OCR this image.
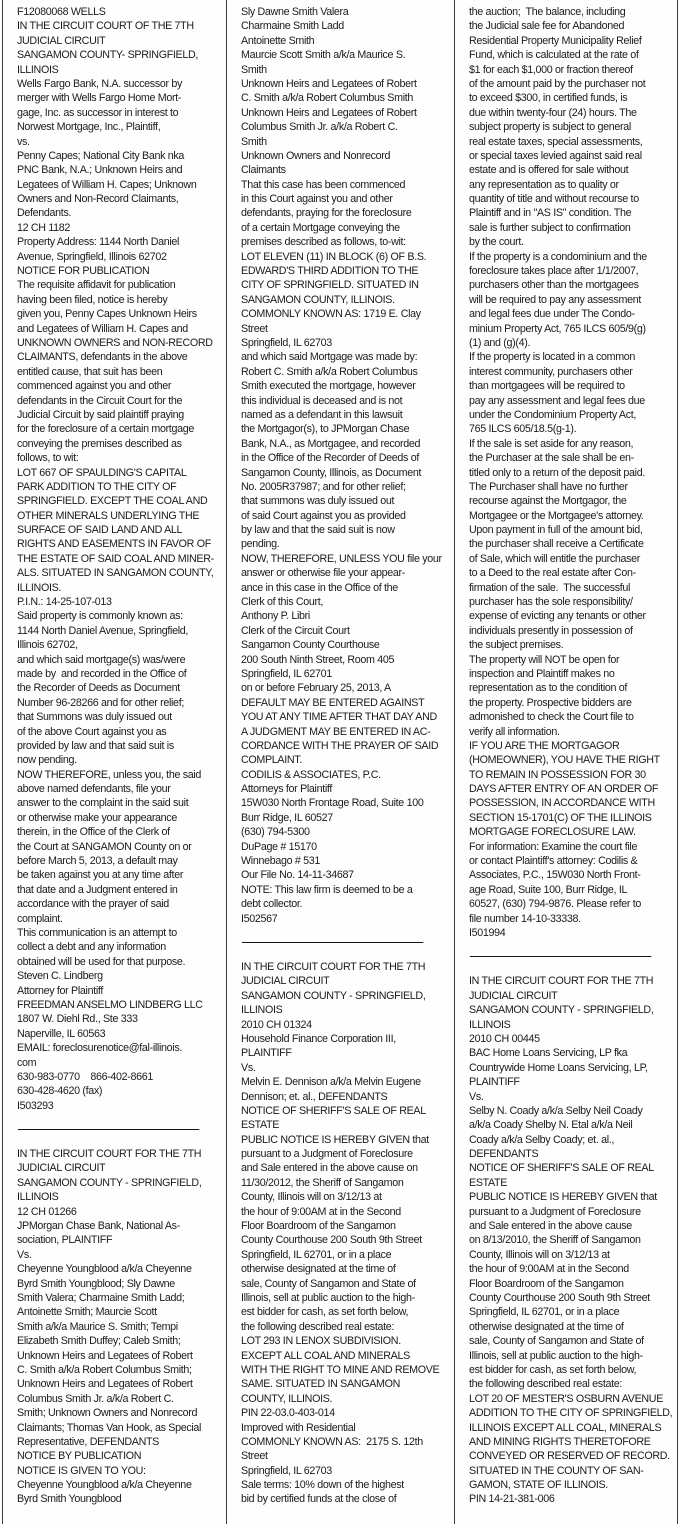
F12080068 WELLS
IN THE CIRCUIT COURT OF THE 7TH
JUDICIAL CIRCUIT
SANGAMON COUNTY- SPRINGFIELD,
ILLINOIS
Wells Fargo Bank, N.A. successor by
merger with Wells Fargo Home Mort-
gage, Inc. as successor in interest to
Norwest Mortgage, Inc., Plaintiff,
vs.
Penny Capes; National City Bank nka
PNC Bank, N.A.; Unknown Heirs and
Legatees of William H. Capes; Unknown
Owners and Non-Record Claimants,
Defendants.
12 CH 1182
Property Address: 1144 North Daniel
Avenue, Springfield, Illinois 62702
NOTICE FOR PUBLICATION
The requisite affidavit for publication
having been filed, notice is hereby
given you, Penny Capes Unknown Heirs
and Legatees of William H. Capes and
UNKNOWN OWNERS and NON-RECORD
CLAIMANTS, defendants in the above
entitled cause, that suit has been
commenced against you and other
defendants in the Circuit Court for the
Judicial Circuit by said plaintiff praying
for the foreclosure of a certain mortgage
conveying the premises described as
follows, to wit:
LOT 667 OF SPAULDING'S CAPITAL
PARK ADDITION TO THE CITY OF
SPRINGFIELD. EXCEPT THE COAL AND
OTHER MINERALS UNDERLYING THE
SURFACE OF SAID LAND AND ALL
RIGHTS AND EASEMENTS IN FAVOR OF
THE ESTATE OF SAID COAL AND MINER-
ALS. SITUATED IN SANGAMON COUNTY,
ILLINOIS.
P.I.N.: 14-25-107-013
Said property is commonly known as:
1144 North Daniel Avenue, Springfield,
Illinois 62702,
and which said mortgage(s) was/were
made by  and recorded in the Office of
the Recorder of Deeds as Document
Number 96-28266 and for other relief;
that Summons was duly issued out
of the above Court against you as
provided by law and that said suit is
now pending.
NOW THEREFORE, unless you, the said
above named defendants, file your
answer to the complaint in the said suit
or otherwise make your appearance
therein, in the Office of the Clerk of
the Court at SANGAMON County on or
before March 5, 2013, a default may
be taken against you at any time after
that date and a Judgment entered in
accordance with the prayer of said
complaint.
This communication is an attempt to
collect a debt and any information
obtained will be used for that purpose.
Steven C. Lindberg
Attorney for Plaintiff
FREEDMAN ANSELMO LINDBERG LLC
1807 W. Diehl Rd., Ste 333
Naperville, IL 60563
EMAIL: foreclosurenotice@fal-illinois.
com
630-983-0770    866-402-8661
630-428-4620 (fax)
I503293
IN THE CIRCUIT COURT FOR THE 7TH
JUDICIAL CIRCUIT
SANGAMON COUNTY - SPRINGFIELD,
ILLINOIS
12 CH 01266
JPMorgan Chase Bank, National As-
sociation, PLAINTIFF
Vs.
Cheyenne Youngblood a/k/a Cheyenne
Byrd Smith Youngblood; Sly Dawne
Smith Valera; Charmaine Smith Ladd;
Antoinette Smith; Maurcie Scott
Smith a/k/a Maurice S. Smith; Tempi
Elizabeth Smith Duffey; Caleb Smith;
Unknown Heirs and Legatees of Robert
C. Smith a/k/a Robert Columbus Smith;
Unknown Heirs and Legatees of Robert
Columbus Smith Jr. a/k/a Robert C.
Smith; Unknown Owners and Nonrecord
Claimants; Thomas Van Hook, as Special
Representative, DEFENDANTS
NOTICE BY PUBLICATION
NOTICE IS GIVEN TO YOU:
Cheyenne Youngblood a/k/a Cheyenne
Byrd Smith Youngblood
Sly Dawne Smith Valera
Charmaine Smith Ladd
Antoinette Smith
Maurcie Scott Smith a/k/a Maurice S.
Smith
Unknown Heirs and Legatees of Robert
C. Smith a/k/a Robert Columbus Smith
Unknown Heirs and Legatees of Robert
Columbus Smith Jr. a/k/a Robert C.
Smith
Unknown Owners and Nonrecord
Claimants
That this case has been commenced
in this Court against you and other
defendants, praying for the foreclosure
of a certain Mortgage conveying the
premises described as follows, to-wit:
LOT ELEVEN (11) IN BLOCK (6) OF B.S.
EDWARD'S THIRD ADDITION TO THE
CITY OF SPRINGFIELD. SITUATED IN
SANGAMON COUNTY, ILLINOIS.
COMMONLY KNOWN AS: 1719 E. Clay
Street
Springfield, IL 62703
and which said Mortgage was made by:
Robert C. Smith a/k/a Robert Columbus
Smith executed the mortgage, however
this individual is deceased and is not
named as a defendant in this lawsuit
the Mortgagor(s), to JPMorgan Chase
Bank, N.A., as Mortgagee, and recorded
in the Office of the Recorder of Deeds of
Sangamon County, Illinois, as Document
No. 2005R37987; and for other relief;
that summons was duly issued out
of said Court against you as provided
by law and that the said suit is now
pending.
NOW, THEREFORE, UNLESS YOU file your
answer or otherwise file your appear-
ance in this case in the Office of the
Clerk of this Court,
Anthony P. Libri
Clerk of the Circuit Court
Sangamon County Courthouse
200 South Ninth Street, Room 405
Springfield, IL 62701
on or before February 25, 2013, A
DEFAULT MAY BE ENTERED AGAINST
YOU AT ANY TIME AFTER THAT DAY AND
A JUDGMENT MAY BE ENTERED IN AC-
CORDANCE WITH THE PRAYER OF SAID
COMPLAINT.
CODILIS & ASSOCIATES, P.C.
Attorneys for Plaintiff
15W030 North Frontage Road, Suite 100
Burr Ridge, IL 60527
(630) 794-5300
DuPage # 15170
Winnebago # 531
Our File No. 14-11-34687
NOTE: This law firm is deemed to be a
debt collector.
I502567
IN THE CIRCUIT COURT FOR THE 7TH
JUDICIAL CIRCUIT
SANGAMON COUNTY - SPRINGFIELD,
ILLINOIS
2010 CH 01324
Household Finance Corporation III,
PLAINTIFF
Vs.
Melvin E. Dennison a/k/a Melvin Eugene
Dennison; et. al., DEFENDANTS
NOTICE OF SHERIFF'S SALE OF REAL
ESTATE
PUBLIC NOTICE IS HEREBY GIVEN that
pursuant to a Judgment of Foreclosure
and Sale entered in the above cause on
11/30/2012, the Sheriff of Sangamon
County, Illinois will on 3/12/13 at
the hour of 9:00AM at in the Second
Floor Boardroom of the Sangamon
County Courthouse 200 South 9th Street
Springfield, IL 62701, or in a place
otherwise designated at the time of
sale, County of Sangamon and State of
Illinois, sell at public auction to the high-
est bidder for cash, as set forth below,
the following described real estate:
LOT 293 IN LENOX SUBDIVISION.
EXCEPT ALL COAL AND MINERALS
WITH THE RIGHT TO MINE AND REMOVE
SAME. SITUATED IN SANGAMON
COUNTY, ILLINOIS.
PIN 22-03.0-403-014
Improved with Residential
COMMONLY KNOWN AS:  2175 S. 12th
Street
Springfield, IL 62703
Sale terms: 10% down of the highest
bid by certified funds at the close of
the auction;  The balance, including
the Judicial sale fee for Abandoned
Residential Property Municipality Relief
Fund, which is calculated at the rate of
$1 for each $1,000 or fraction thereof
of the amount paid by the purchaser not
to exceed $300, in certified funds, is
due within twenty-four (24) hours. The
subject property is subject to general
real estate taxes, special assessments,
or special taxes levied against said real
estate and is offered for sale without
any representation as to quality or
quantity of title and without recourse to
Plaintiff and in "AS IS" condition. The
sale is further subject to confirmation
by the court.
If the property is a condominium and the
foreclosure takes place after 1/1/2007,
purchasers other than the mortgagees
will be required to pay any assessment
and legal fees due under The Condo-
minium Property Act, 765 ILCS 605/9(g)
(1) and (g)(4).
If the property is located in a common
interest community, purchasers other
than mortgagees will be required to
pay any assessment and legal fees due
under the Condominium Property Act,
765 ILCS 605/18.5(g-1).
If the sale is set aside for any reason,
the Purchaser at the sale shall be en-
titled only to a return of the deposit paid.
The Purchaser shall have no further
recourse against the Mortgagor, the
Mortgagee or the Mortgagee's attorney.
Upon payment in full of the amount bid,
the purchaser shall receive a Certificate
of Sale, which will entitle the purchaser
to a Deed to the real estate after Con-
firmation of the sale.  The successful
purchaser has the sole responsibility/
expense of evicting any tenants or other
individuals presently in possession of
the subject premises.
The property will NOT be open for
inspection and Plaintiff makes no
representation as to the condition of
the property. Prospective bidders are
admonished to check the Court file to
verify all information.
IF YOU ARE THE MORTGAGOR
(HOMEOWNER), YOU HAVE THE RIGHT
TO REMAIN IN POSSESSION FOR 30
DAYS AFTER ENTRY OF AN ORDER OF
POSSESSION, IN ACCORDANCE WITH
SECTION 15-1701(C) OF THE ILLINOIS
MORTGAGE FORECLOSURE LAW.
For information: Examine the court file
or contact Plaintiff's attorney: Codilis &
Associates, P.C., 15W030 North Front-
age Road, Suite 100, Burr Ridge, IL
60527, (630) 794-9876. Please refer to
file number 14-10-33338.
I501994
IN THE CIRCUIT COURT FOR THE 7TH
JUDICIAL CIRCUIT
SANGAMON COUNTY - SPRINGFIELD,
ILLINOIS
2010 CH 00445
BAC Home Loans Servicing, LP fka
Countrywide Home Loans Servicing, LP,
PLAINTIFF
Vs.
Selby N. Coady a/k/a Selby Neil Coady
a/k/a Coady Shelby N. Etal a/k/a Neil
Coady a/k/a Selby Coady; et. al.,
DEFENDANTS
NOTICE OF SHERIFF'S SALE OF REAL
ESTATE
PUBLIC NOTICE IS HEREBY GIVEN that
pursuant to a Judgment of Foreclosure
and Sale entered in the above cause
on 8/13/2010, the Sheriff of Sangamon
County, Illinois will on 3/12/13 at
the hour of 9:00AM at in the Second
Floor Boardroom of the Sangamon
County Courthouse 200 South 9th Street
Springfield, IL 62701, or in a place
otherwise designated at the time of
sale, County of Sangamon and State of
Illinois, sell at public auction to the high-
est bidder for cash, as set forth below,
the following described real estate:
LOT 20 OF MESTER'S OSBURN AVENUE
ADDITION TO THE CITY OF SPRINGFIELD,
ILLINOIS EXCEPT ALL COAL, MINERALS
AND MINING RIGHTS THERETOFORE
CONVEYED OR RESERVED OF RECORD.
SITUATED IN THE COUNTY OF SAN-
GAMON, STATE OF ILLINOIS.
PIN 14-21-381-006
